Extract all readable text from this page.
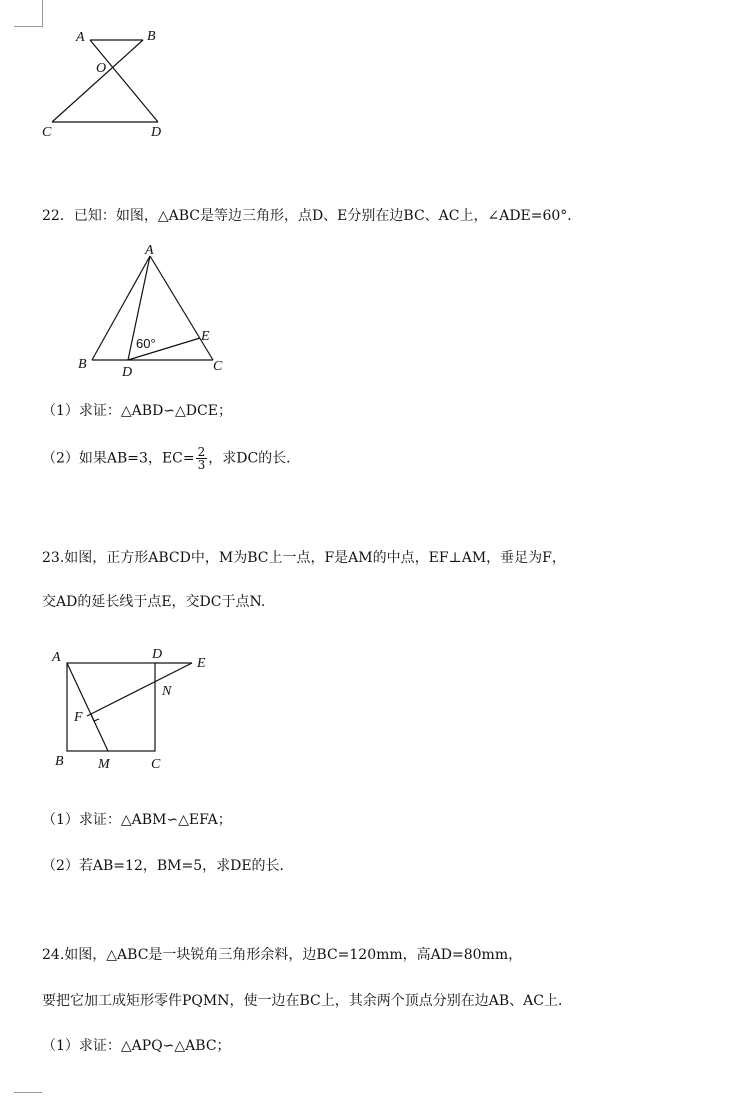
A	B
O
C	D
22．已知：如图，△ABC是等边三角形，点D、E分别在边BC、AC上，∠ADE=60°．
A
B	C
D
E
60°
（1）求证：△ABD∽△DCE；
（2）如果AB=3，$EC= \frac{2}{3}$ ，求DC的长．
23.如图，正方形ABCD中，M为BC上一点，F是AM的中点，EF⊥AM，垂足为F，
交AD的延长线于点E，交DC于点N.
A	D
E
N
F
B M	C
（1）求证：△ABM∽△EFA；
（2）若AB=12，BM=5，求DE的长．
24.如图，△ABC是一块锐角三角形余料，边BC=120mm，高AD=80mm，
要把它加工成矩形零件PQMN，使一边在BC上，其余两个顶点分别在边AB、AC上．
（1）求证：△APQ∽△ABC；
